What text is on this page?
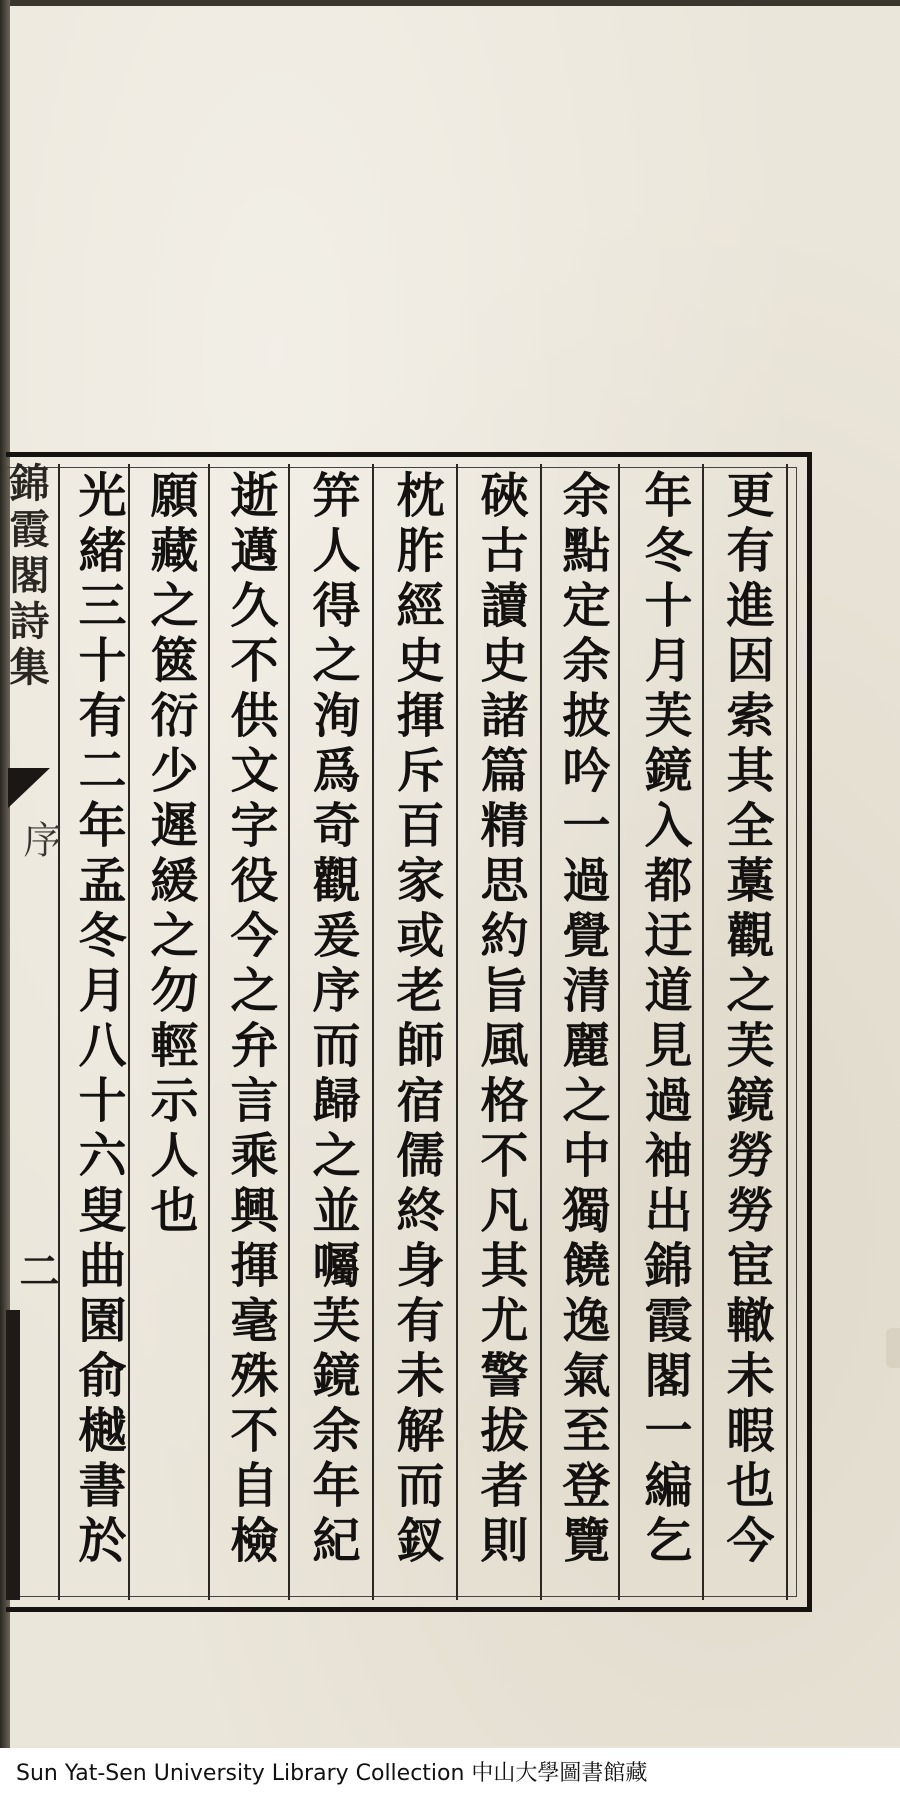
錦霞閣詩集
序
二	更有進因索其全藁觀之芙鏡勞勞宦轍未暇也今
年冬十月芙鏡入都迂道見過袖出錦霞閣一編乞
余點定余披吟一過覺清麗之中獨饒逸氣至登覽
硤古讀史諸篇精思約旨風格不凡其尤警拔者則
枕胙經史揮斥百家或老師宿儒終身有未解而釵
笄人得之洵爲奇觀爰序而歸之並囑芙鏡余年紀
逝邁久不供文字役今之弁言乘興揮毫殊不自檢
願藏之篋衍少遲緩之勿輕示人也
光緒三十有二年孟冬月八十六叟曲園俞樾書於
Sun Yat-Sen University Library Collection 中山大學圖書館藏
